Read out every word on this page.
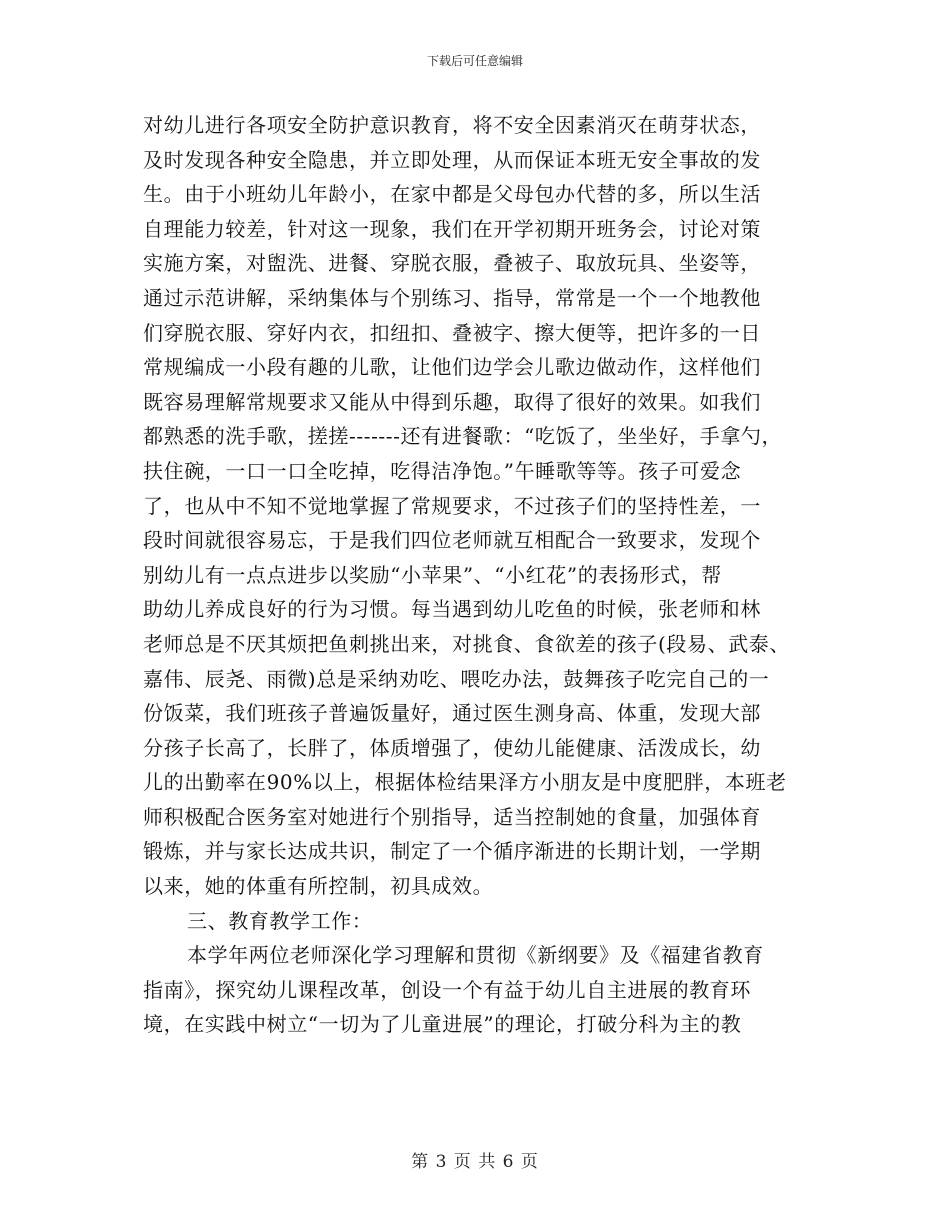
下载后可任意编辑
对幼儿进行各项安全防护意识教育，将不安全因素消灭在萌芽状态，
及时发现各种安全隐患，并立即处理，从而保证本班无安全事故的发
生。由于小班幼儿年龄小，在家中都是父母包办代替的多，所以生活
自理能力较差，针对这一现象，我们在开学初期开班务会，讨论对策
实施方案，对盥洗、进餐、穿脱衣服，叠被子、取放玩具、坐姿等，
通过示范讲解，采纳集体与个别练习、指导，常常是一个一个地教他
们穿脱衣服、穿好内衣，扣纽扣、叠被字、擦大便等，把许多的一日
常规编成一小段有趣的儿歌，让他们边学会儿歌边做动作，这样他们
既容易理解常规要求又能从中得到乐趣，取得了很好的效果。如我们
都熟悉的洗手歌，搓搓-------还有进餐歌：“吃饭了，坐坐好，手拿勺，
扶住碗，一口一口全吃掉，吃得洁净饱。”午睡歌等等。孩子可爱念
了，也从中不知不觉地掌握了常规要求，不过孩子们的坚持性差，一
段时间就很容易忘，于是我们四位老师就互相配合一致要求，发现个
别幼儿有一点点进步以奖励“小苹果”、“小红花”的表扬形式，帮
助幼儿养成良好的行为习惯。每当遇到幼儿吃鱼的时候，张老师和林
老师总是不厌其烦把鱼刺挑出来，对挑食、食欲差的孩子(段易、武泰、
嘉伟、辰尧、雨微)总是采纳劝吃、喂吃办法，鼓舞孩子吃完自己的一
份饭菜，我们班孩子普遍饭量好，通过医生测身高、体重，发现大部
分孩子长高了，长胖了，体质增强了，使幼儿能健康、活泼成长，幼
儿的出勤率在90%以上，根据体检结果泽方小朋友是中度肥胖，本班老
师积极配合医务室对她进行个别指导，适当控制她的食量，加强体育
锻炼，并与家长达成共识，制定了一个循序渐进的长期计划，一学期
以来，她的体重有所控制，初具成效。
三、教育教学工作：
本学年两位老师深化学习理解和贯彻《新纲要》及《福建省教育
指南》，探究幼儿课程改革，创设一个有益于幼儿自主进展的教育环
境，在实践中树立“一切为了儿童进展”的理论，打破分科为主的教
第 3 页 共 6 页
